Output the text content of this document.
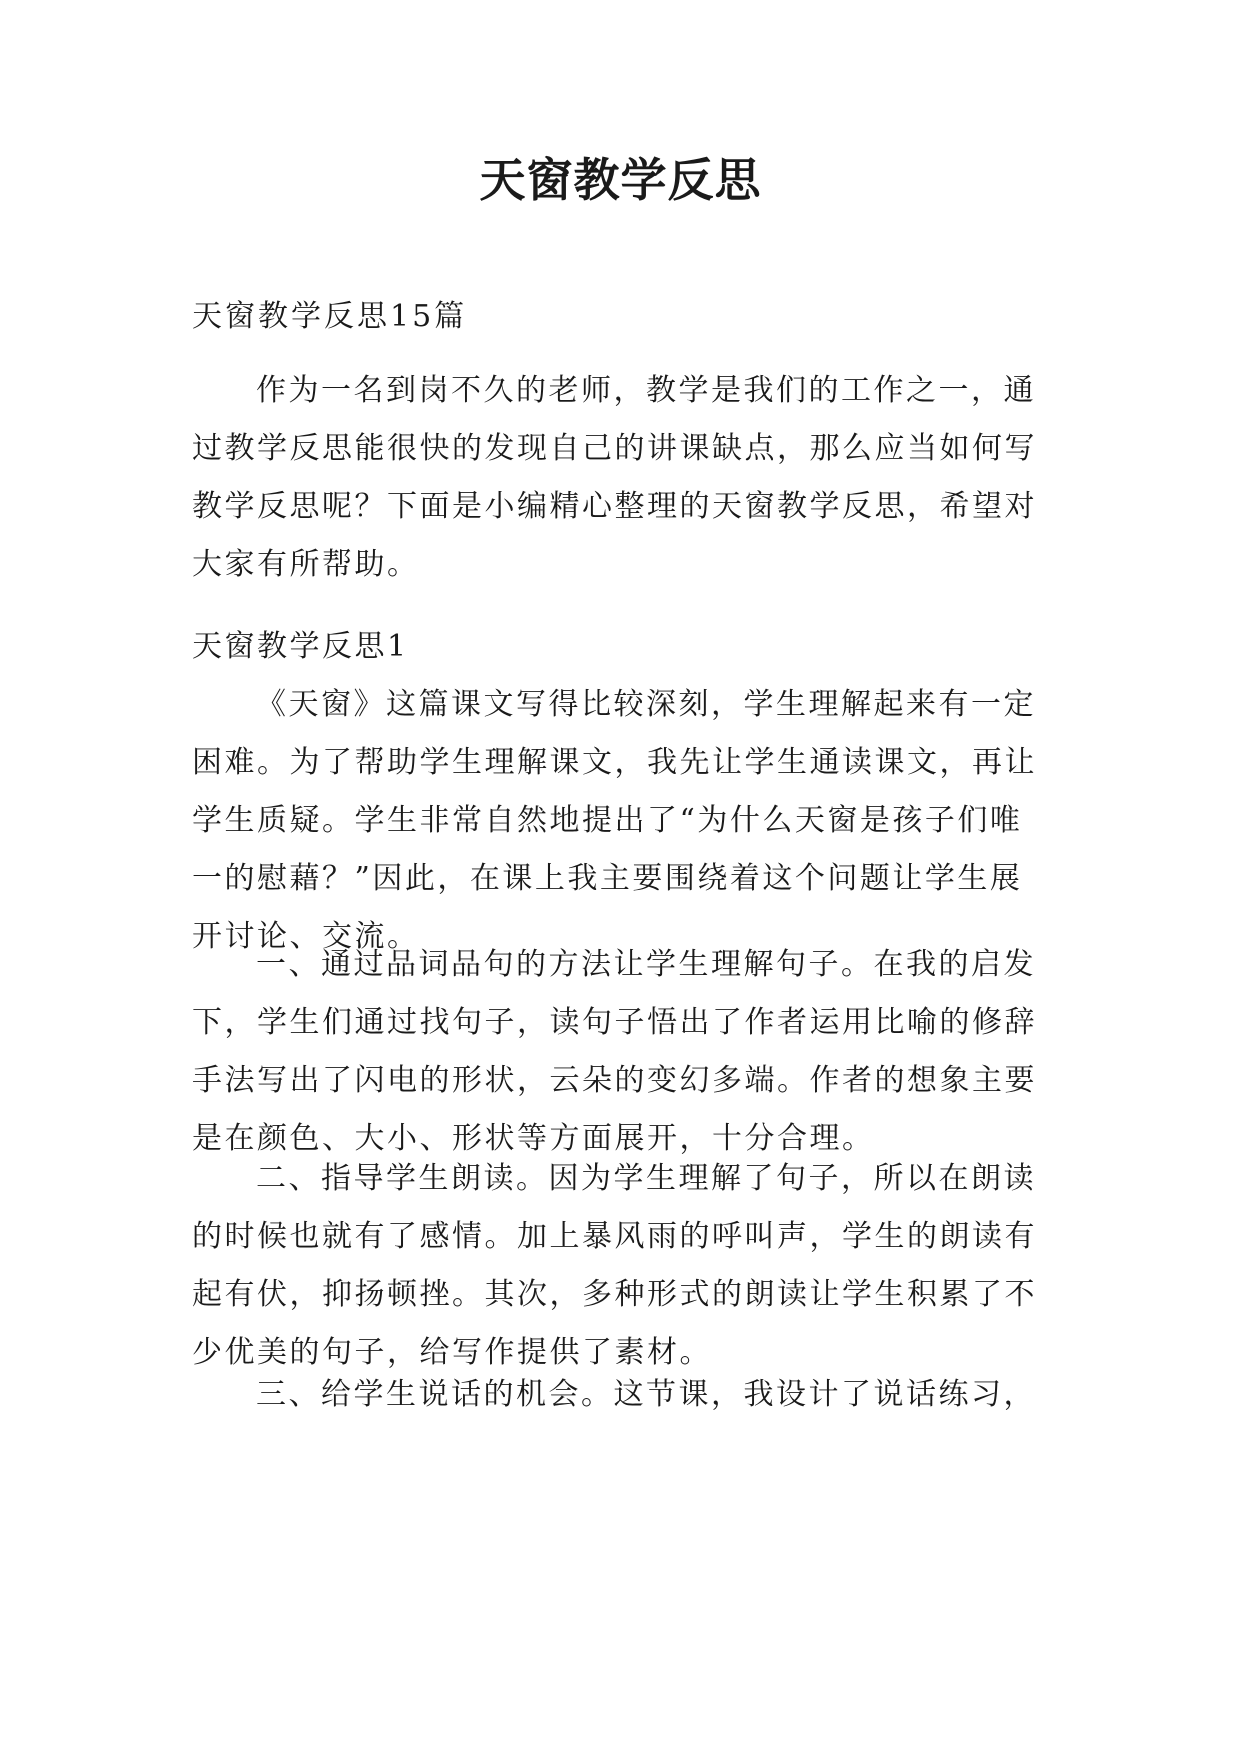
天窗教学反思
天窗教学反思15篇

作为一名到岗不久的老师，教学是我们的工作之一，通
过教学反思能很快的发现自己的讲课缺点，那么应当如何写
教学反思呢？下面是小编精心整理的天窗教学反思，希望对
大家有所帮助。

天窗教学反思1

《天窗》这篇课文写得比较深刻，学生理解起来有一定
困难。为了帮助学生理解课文，我先让学生通读课文，再让
学生质疑。学生非常自然地提出了“为什么天窗是孩子们唯
一的慰藉？”因此，在课上我主要围绕着这个问题让学生展
开讨论、交流。

一、通过品词品句的方法让学生理解句子。在我的启发
下，学生们通过找句子，读句子悟出了作者运用比喻的修辞
手法写出了闪电的形状，云朵的变幻多端。作者的想象主要
是在颜色、大小、形状等方面展开，十分合理。

二、指导学生朗读。因为学生理解了句子，所以在朗读
的时候也就有了感情。加上暴风雨的呼叫声，学生的朗读有
起有伏，抑扬顿挫。其次，多种形式的朗读让学生积累了不
少优美的句子，给写作提供了素材。

三、给学生说话的机会。这节课，我设计了说话练习，
